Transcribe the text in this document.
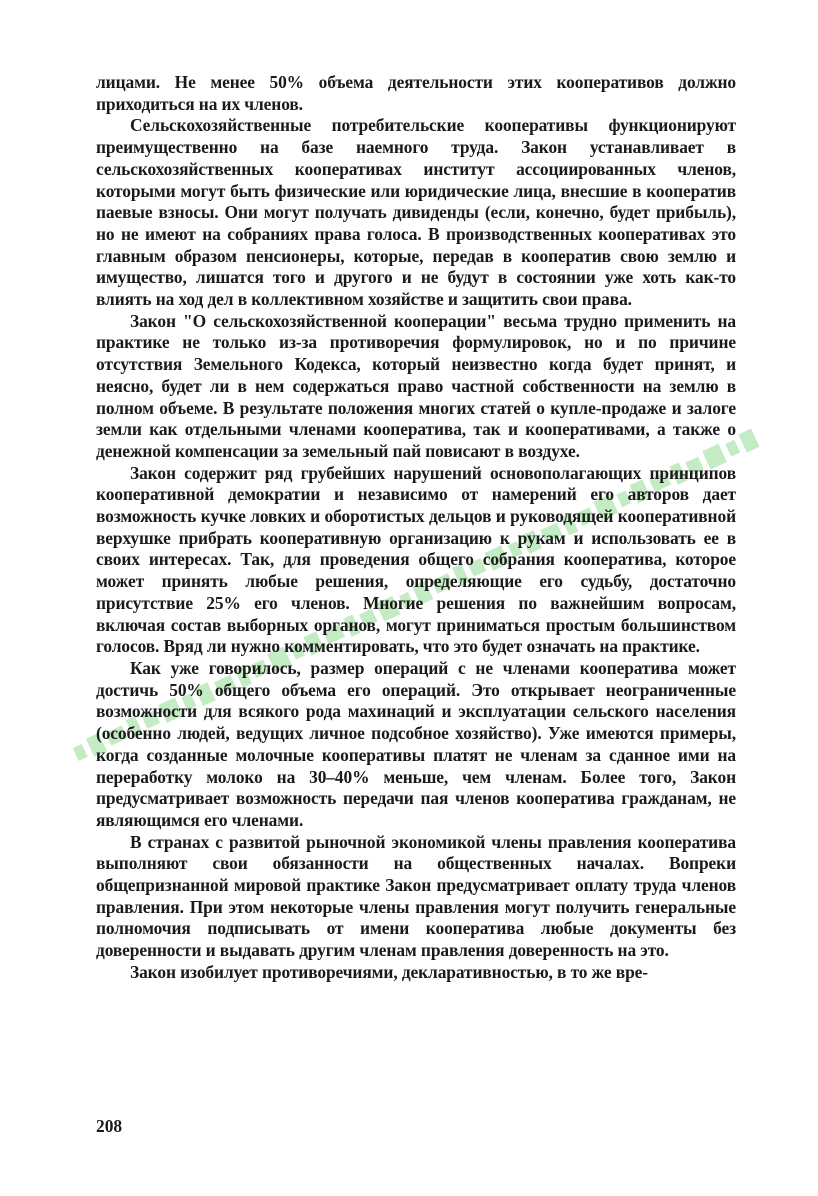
лицами. Не менее 50% объема деятельности этих кооперативов должно приходиться на их членов.

Сельскохозяйственные потребительские кооперативы функционируют преимущественно на базе наемного труда. Закон устанавливает в сельскохозяйственных кооперативах институт ассоциированных членов, которыми могут быть физические или юридические лица, внесшие в кооператив паевые взносы. Они могут получать дивиденды (если, конечно, будет прибыль), но не имеют на собраниях права голоса. В производственных кооперативах это главным образом пенсионеры, которые, передав в кооператив свою землю и имущество, лишатся того и другого и не будут в состоянии уже хоть как-то влиять на ход дел в коллективном хозяйстве и защитить свои права.

Закон "О сельскохозяйственной кооперации" весьма трудно применить на практике не только из-за противоречия формулировок, но и по причине отсутствия Земельного Кодекса, который неизвестно когда будет принят, и неясно, будет ли в нем содержаться право частной собственности на землю в полном объеме. В результате положения многих статей о купле-продаже и залоге земли как отдельными членами кооператива, так и кооперативами, а также о денежной компенсации за земельный пай повисают в воздухе.

Закон содержит ряд грубейших нарушений основополагающих принципов кооперативной демократии и независимо от намерений его авторов дает возможность кучке ловких и оборотистых дельцов и руководящей кооперативной верхушке прибрать кооперативную организацию к рукам и использовать ее в своих интересах. Так, для проведения общего собрания кооператива, которое может принять любые решения, определяющие его судьбу, достаточно присутствие 25% его членов. Многие решения по важнейшим вопросам, включая состав выборных органов, могут приниматься простым большинством голосов. Вряд ли нужно комментировать, что это будет означать на практике.

Как уже говорилось, размер операций с не членами кооператива может достичь 50% общего объема его операций. Это открывает неограниченные возможности для всякого рода махинаций и эксплуатации сельского населения (особенно людей, ведущих личное подсобное хозяйство). Уже имеются примеры, когда созданные молочные кооперативы платят не членам за сданное ими на переработку молоко на 30–40% меньше, чем членам. Более того, Закон предусматривает возможность передачи пая членов кооператива гражданам, не являющимся его членами.

В странах с развитой рыночной экономикой члены правления кооператива выполняют свои обязанности на общественных началах. Вопреки общепризнанной мировой практике Закон предусматривает оплату труда членов правления. При этом некоторые члены правления могут получить генеральные полномочия подписывать от имени кооператива любые документы без доверенности и выдавать другим членам правления доверенность на это.

Закон изобилует противоречиями, декларативностью, в то же вре-

208
